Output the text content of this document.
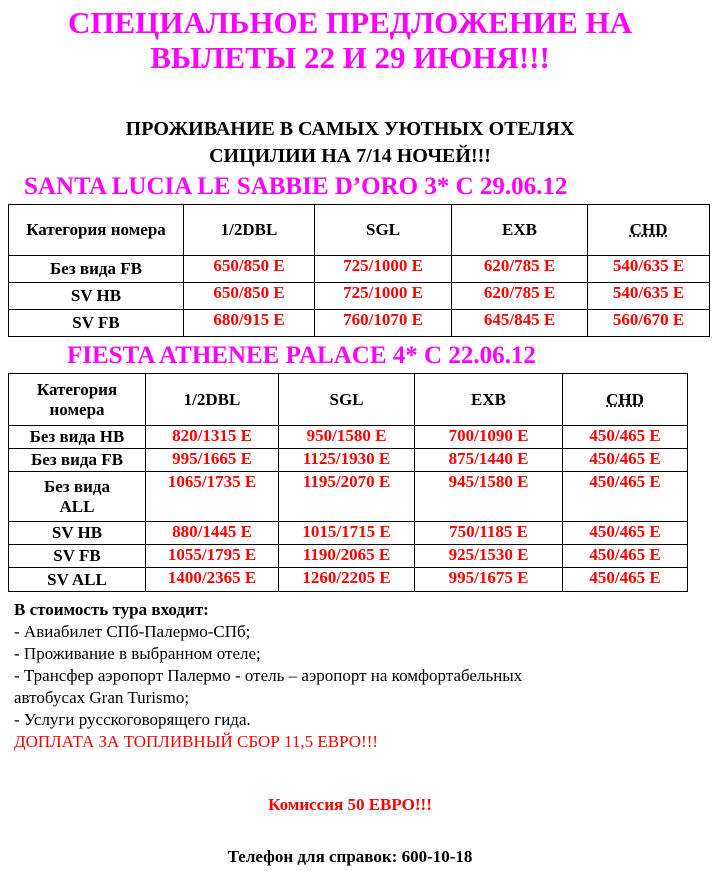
СПЕЦИАЛЬНОЕ ПРЕДЛОЖЕНИЕ НА
ВЫЛЕТЫ 22 И 29 ИЮНЯ!!!
ПРОЖИВАНИЕ В САМЫХ УЮТНЫХ ОТЕЛЯХ
СИЦИЛИИ НА 7/14 НОЧЕЙ!!!
SANTA LUCIA LE SABBIE D’ORO 3* С 29.06.12
Категория номера	1/2DBL	SGL	EXB	CHD
Без вида FB	650/850 Е	725/1000 Е	620/785 Е	540/635 Е
SV HB	650/850 Е	725/1000 Е	620/785 Е	540/635 Е
SV FB	680/915 Е	760/1070 Е	645/845 Е	560/670 Е
FIESTA ATHENEE PALACE 4* С 22.06.12
Категория номера	1/2DBL	SGL	EXB	CHD
Без вида HB	820/1315 Е	950/1580 Е	700/1090 Е	450/465 Е
Без вида FB	995/1665 Е	1125/1930 Е	875/1440 Е	450/465 Е
Без вида ALL	1065/1735 Е	1195/2070 Е	945/1580 Е	450/465 Е
SV HB	880/1445 Е	1015/1715 Е	750/1185 Е	450/465 Е
SV FB	1055/1795 Е	1190/2065 Е	925/1530 Е	450/465 Е
SV ALL	1400/2365 Е	1260/2205 Е	995/1675 Е	450/465 Е
В стоимость тура входит:
- Авиабилет СПб-Палермо-СПб;
- Проживание в выбранном отеле;
- Трансфер аэропорт Палермо - отель – аэропорт на комфортабельных
автобусах Gran Turismo;
- Услуги русскоговорящего гида.
ДОПЛАТА ЗА ТОПЛИВНЫЙ СБОР 11,5 ЕВРО!!!
Комиссия 50 ЕВРО!!!
Телефон для справок: 600-10-18
